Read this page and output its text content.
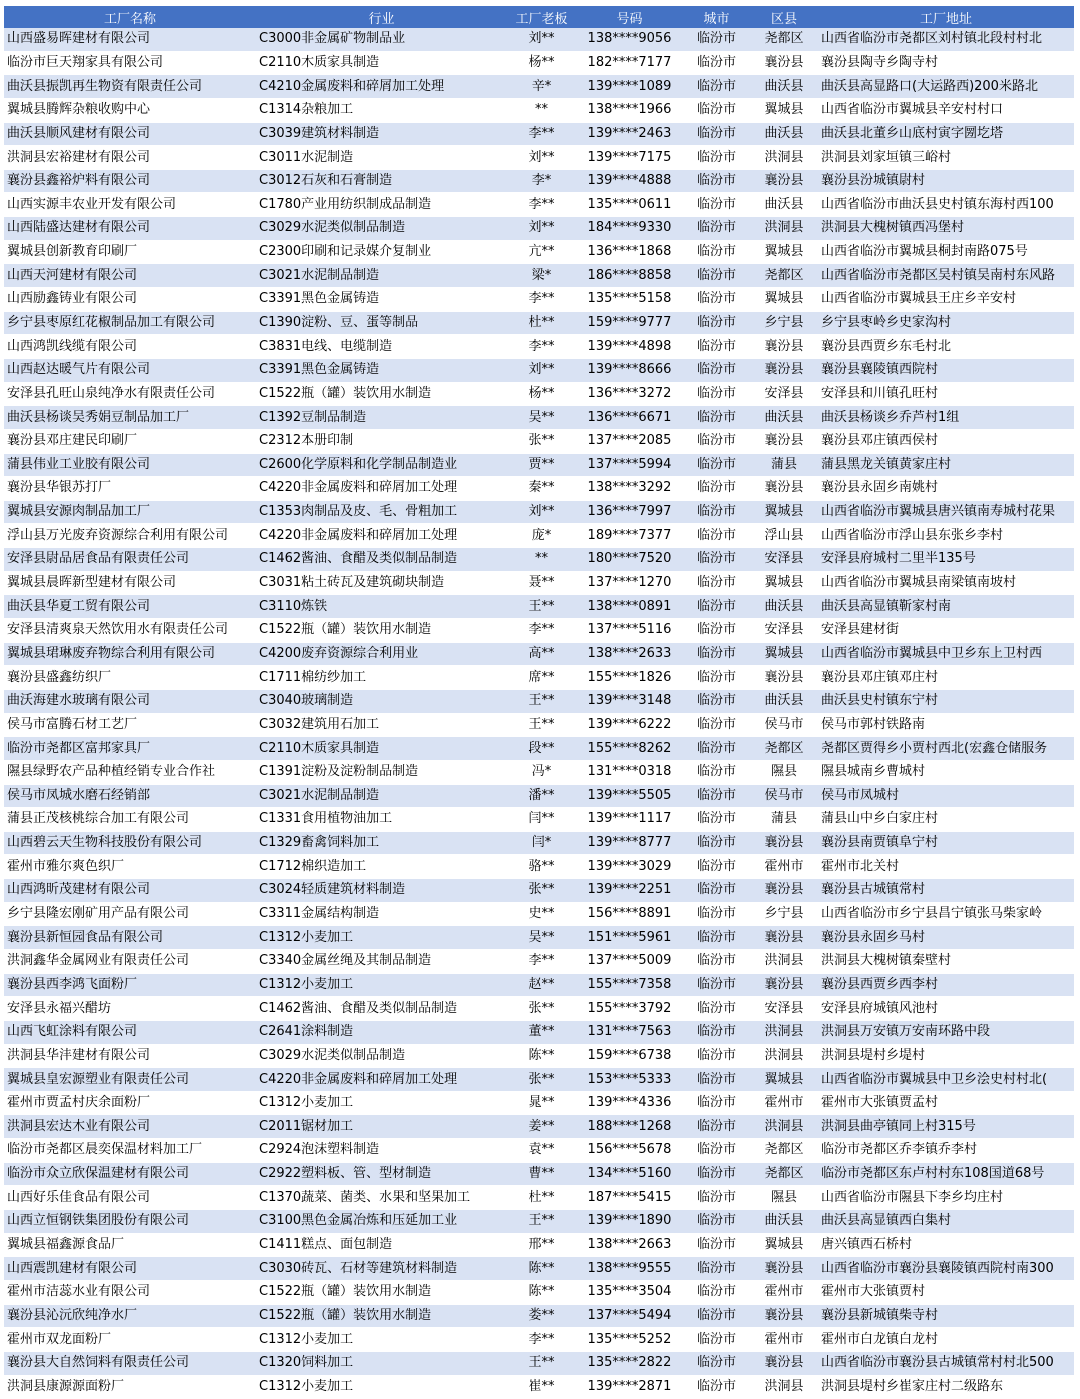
工厂名称	行业	工厂老板	号码	城市	区县	工厂地址
山西盛易晖建材有限公司	C3000非金属矿物制品业	刘**	138****9056	临汾市	尧都区	山西省临汾市尧都区刘村镇北段村村北
临汾市巨天翔家具有限公司	C2110木质家具制造	杨**	182****7177	临汾市	襄汾县	襄汾县陶寺乡陶寺村
曲沃县振凯再生物资有限责任公司	C4210金属废料和碎屑加工处理	辛*	139****1089	临汾市	曲沃县	曲沃县高显路口(大运路西)200米路北
翼城县腾辉杂粮收购中心	C1314杂粮加工	**	138****1966	临汾市	翼城县	山西省临汾市翼城县辛安村村口
曲沃县顺风建材有限公司	C3039建筑材料制造	李**	139****2463	临汾市	曲沃县	曲沃县北董乡山底村寅字圐圪塔
洪洞县宏裕建材有限公司	C3011水泥制造	刘**	139****7175	临汾市	洪洞县	洪洞县刘家垣镇三峪村
襄汾县鑫裕炉料有限公司	C3012石灰和石膏制造	李*	139****4888	临汾市	襄汾县	襄汾县汾城镇尉村
山西实源丰农业开发有限公司	C1780产业用纺织制成品制造	李**	135****0611	临汾市	曲沃县	山西省临汾市曲沃县史村镇东海村西100
山西陆盛达建材有限公司	C3029水泥类似制品制造	刘**	184****9330	临汾市	洪洞县	洪洞县大槐树镇西冯堡村
翼城县创新教育印刷厂	C2300印刷和记录媒介复制业	亢**	136****1868	临汾市	翼城县	山西省临汾市翼城县桐封南路075号
山西天河建材有限公司	C3021水泥制品制造	梁*	186****8858	临汾市	尧都区	山西省临汾市尧都区吴村镇吴南村东风路
山西励鑫铸业有限公司	C3391黑色金属铸造	李**	135****5158	临汾市	翼城县	山西省临汾市翼城县王庄乡辛安村
乡宁县枣原红花椒制品加工有限公司	C1390淀粉、豆、蛋等制品	杜**	159****9777	临汾市	乡宁县	乡宁县枣岭乡史家沟村
山西鸿凯线缆有限公司	C3831电线、电缆制造	李**	139****4898	临汾市	襄汾县	襄汾县西贾乡东毛村北
山西赵达暖气片有限公司	C3391黑色金属铸造	刘**	139****8666	临汾市	襄汾县	襄汾县襄陵镇西院村
安泽县孔旺山泉纯净水有限责任公司	C1522瓶（罐）装饮用水制造	杨**	136****3272	临汾市	安泽县	安泽县和川镇孔旺村
曲沃县杨谈吴秀娟豆制品加工厂	C1392豆制品制造	吴**	136****6671	临汾市	曲沃县	曲沃县杨谈乡乔芦村1组
襄汾县邓庄建民印刷厂	C2312本册印制	张**	137****2085	临汾市	襄汾县	襄汾县邓庄镇西侯村
蒲县伟业工业胶有限公司	C2600化学原料和化学制品制造业	贾**	137****5994	临汾市	蒲县	蒲县黑龙关镇黄家庄村
襄汾县华银苏打厂	C4220非金属废料和碎屑加工处理	秦**	138****3292	临汾市	襄汾县	襄汾县永固乡南姚村
翼城县安源肉制品加工厂	C1353肉制品及皮、毛、骨粗加工	刘**	136****7997	临汾市	翼城县	山西省临汾市翼城县唐兴镇南寿城村花果
浮山县万光废弃资源综合利用有限公司	C4220非金属废料和碎屑加工处理	庞*	189****7377	临汾市	浮山县	山西省临汾市浮山县东张乡李村
安泽县尉品居食品有限责任公司	C1462酱油、食醋及类似制品制造	**	180****7520	临汾市	安泽县	安泽县府城村二里半135号
翼城县晨晖新型建材有限公司	C3031粘土砖瓦及建筑砌块制造	聂**	137****1270	临汾市	翼城县	山西省临汾市翼城县南梁镇南坡村
曲沃县华夏工贸有限公司	C3110炼铁	王**	138****0891	临汾市	曲沃县	曲沃县高显镇靳家村南
安泽县清爽泉天然饮用水有限责任公司	C1522瓶（罐）装饮用水制造	李**	137****5116	临汾市	安泽县	安泽县建材街
翼城县珺琳废弃物综合利用有限公司	C4200废弃资源综合利用业	高**	138****2633	临汾市	翼城县	山西省临汾市翼城县中卫乡东上卫村西
襄汾县盛鑫纺织厂	C1711棉纺纱加工	席**	155****1826	临汾市	襄汾县	襄汾县邓庄镇邓庄村
曲沃海建水玻璃有限公司	C3040玻璃制造	王**	139****3148	临汾市	曲沃县	曲沃县史村镇东宁村
侯马市富腾石材工艺厂	C3032建筑用石加工	王**	139****6222	临汾市	侯马市	侯马市郭村铁路南
临汾市尧都区富邦家具厂	C2110木质家具制造	段**	155****8262	临汾市	尧都区	尧都区贾得乡小贾村西北(宏鑫仓储服务
隰县绿野农产品种植经销专业合作社	C1391淀粉及淀粉制品制造	冯*	131****0318	临汾市	隰县	隰县城南乡曹城村
侯马市凤城水磨石经销部	C3021水泥制品制造	潘**	139****5505	临汾市	侯马市	侯马市凤城村
蒲县正茂核桃综合加工有限公司	C1331食用植物油加工	闫**	139****1117	临汾市	蒲县	蒲县山中乡白家庄村
山西碧云天生物科技股份有限公司	C1329畜禽饲料加工	闫*	139****8777	临汾市	襄汾县	襄汾县南贾镇阜宁村
霍州市雅尔爽色织厂	C1712棉织造加工	骆**	139****3029	临汾市	霍州市	霍州市北关村
山西鸿昕茂建材有限公司	C3024轻质建筑材料制造	张**	139****2251	临汾市	襄汾县	襄汾县古城镇常村
乡宁县隆宏刚矿用产品有限公司	C3311金属结构制造	史**	156****8891	临汾市	乡宁县	山西省临汾市乡宁县昌宁镇张马柴家岭
襄汾县新恒园食品有限公司	C1312小麦加工	吴**	151****5961	临汾市	襄汾县	襄汾县永固乡马村
洪洞鑫华金属网业有限责任公司	C3340金属丝绳及其制品制造	李**	137****5009	临汾市	洪洞县	洪洞县大槐树镇秦壁村
襄汾县西李鸿飞面粉厂	C1312小麦加工	赵**	155****7358	临汾市	襄汾县	襄汾县西贾乡西李村
安泽县永福兴醋坊	C1462酱油、食醋及类似制品制造	张**	155****3792	临汾市	安泽县	安泽县府城镇风池村
山西飞虹涂料有限公司	C2641涂料制造	董**	131****7563	临汾市	洪洞县	洪洞县万安镇万安南环路中段
洪洞县华沣建材有限公司	C3029水泥类似制品制造	陈**	159****6738	临汾市	洪洞县	洪洞县堤村乡堤村
翼城县皇宏源塑业有限责任公司	C4220非金属废料和碎屑加工处理	张**	153****5333	临汾市	翼城县	山西省临汾市翼城县中卫乡浍史村村北(
霍州市贾孟村庆余面粉厂	C1312小麦加工	晁**	139****4336	临汾市	霍州市	霍州市大张镇贾孟村
洪洞县宏达木业有限公司	C2011锯材加工	姜**	188****1268	临汾市	洪洞县	洪洞县曲亭镇同上村315号
临汾市尧都区晨奕保温材料加工厂	C2924泡沫塑料制造	袁**	156****5678	临汾市	尧都区	临汾市尧都区乔李镇乔李村
临汾市众立欣保温建材有限公司	C2922塑料板、管、型材制造	曹**	134****5160	临汾市	尧都区	临汾市尧都区东卢村村东108国道68号
山西好乐佳食品有限公司	C1370蔬菜、菌类、水果和坚果加工	杜**	187****5415	临汾市	隰县	山西省临汾市隰县下李乡均庄村
山西立恒钢铁集团股份有限公司	C3100黑色金属冶炼和压延加工业	王**	139****1890	临汾市	曲沃县	曲沃县高显镇西白集村
翼城县福鑫源食品厂	C1411糕点、面包制造	邢**	138****2663	临汾市	翼城县	唐兴镇西石桥村
山西震凯建材有限公司	C3030砖瓦、石材等建筑材料制造	陈**	138****9555	临汾市	襄汾县	山西省临汾市襄汾县襄陵镇西院村南300
霍州市洁蕊水业有限公司	C1522瓶（罐）装饮用水制造	陈**	135****3504	临汾市	霍州市	霍州市大张镇贾村
襄汾县沁沅欣纯净水厂	C1522瓶（罐）装饮用水制造	娄**	137****5494	临汾市	襄汾县	襄汾县新城镇柴寺村
霍州市双龙面粉厂	C1312小麦加工	李**	135****5252	临汾市	霍州市	霍州市白龙镇白龙村
襄汾县大自然饲料有限责任公司	C1320饲料加工	王**	135****2822	临汾市	襄汾县	山西省临汾市襄汾县古城镇常村村北500
洪洞县康源源面粉厂	C1312小麦加工	崔**	139****2871	临汾市	洪洞县	洪洞县堤村乡崔家庄村二级路东
